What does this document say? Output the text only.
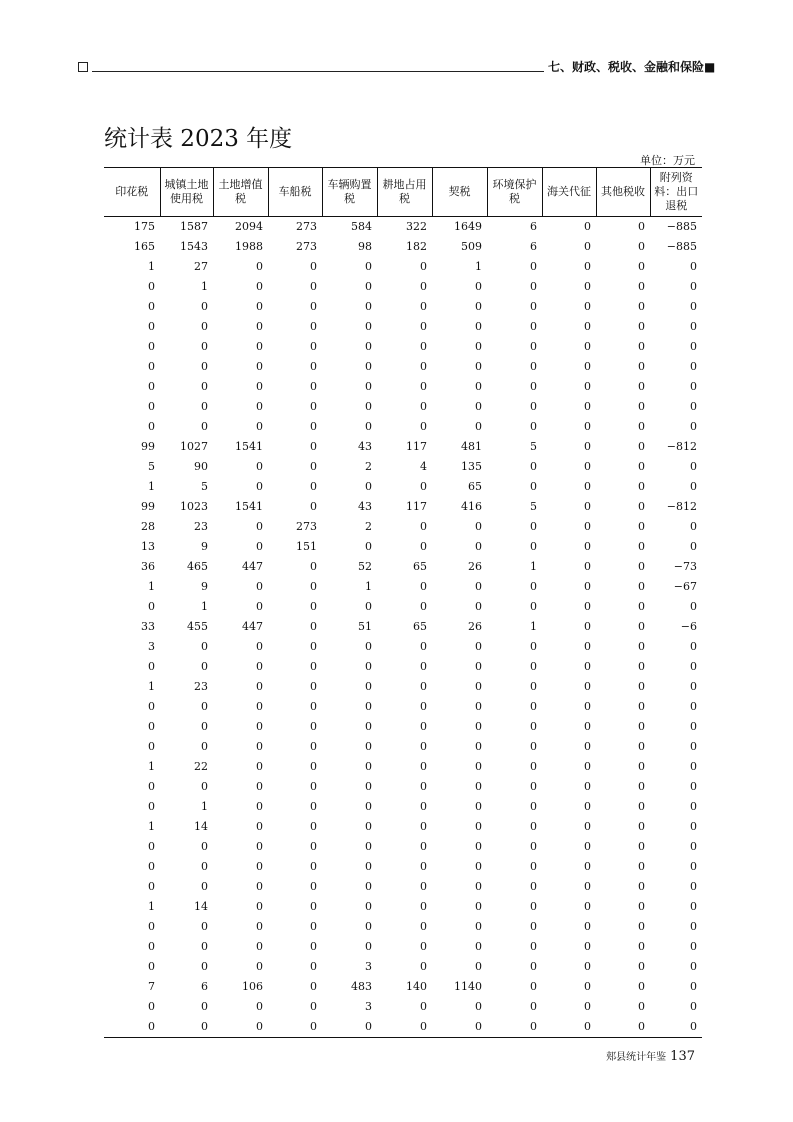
七、财政、税收、金融和保险■
统计表 2023 年度
单位：万元
印花税	城镇土地使用税	土地增值税	车船税	车辆购置税	耕地占用税	契税	环境保护税	海关代征	其他税收	附列资料：出口退税
175	1587	2094	273	584	322	1649	6	0	0	−885
165	1543	1988	273	98	182	509	6	0	0	−885
1	27	0	0	0	0	1	0	0	0	0
0	1	0	0	0	0	0	0	0	0	0
0	0	0	0	0	0	0	0	0	0	0
0	0	0	0	0	0	0	0	0	0	0
0	0	0	0	0	0	0	0	0	0	0
0	0	0	0	0	0	0	0	0	0	0
0	0	0	0	0	0	0	0	0	0	0
0	0	0	0	0	0	0	0	0	0	0
0	0	0	0	0	0	0	0	0	0	0
99	1027	1541	0	43	117	481	5	0	0	−812
5	90	0	0	2	4	135	0	0	0	0
1	5	0	0	0	0	65	0	0	0	0
99	1023	1541	0	43	117	416	5	0	0	−812
28	23	0	273	2	0	0	0	0	0	0
13	9	0	151	0	0	0	0	0	0	0
36	465	447	0	52	65	26	1	0	0	−73
1	9	0	0	1	0	0	0	0	0	−67
0	1	0	0	0	0	0	0	0	0	0
33	455	447	0	51	65	26	1	0	0	−6
3	0	0	0	0	0	0	0	0	0	0
0	0	0	0	0	0	0	0	0	0	0
1	23	0	0	0	0	0	0	0	0	0
0	0	0	0	0	0	0	0	0	0	0
0	0	0	0	0	0	0	0	0	0	0
0	0	0	0	0	0	0	0	0	0	0
1	22	0	0	0	0	0	0	0	0	0
0	0	0	0	0	0	0	0	0	0	0
0	1	0	0	0	0	0	0	0	0	0
1	14	0	0	0	0	0	0	0	0	0
0	0	0	0	0	0	0	0	0	0	0
0	0	0	0	0	0	0	0	0	0	0
0	0	0	0	0	0	0	0	0	0	0
1	14	0	0	0	0	0	0	0	0	0
0	0	0	0	0	0	0	0	0	0	0
0	0	0	0	0	0	0	0	0	0	0
0	0	0	0	3	0	0	0	0	0	0
7	6	106	0	483	140	1140	0	0	0	0
0	0	0	0	3	0	0	0	0	0	0
0	0	0	0	0	0	0	0	0	0	0
郏县统计年鉴 137
